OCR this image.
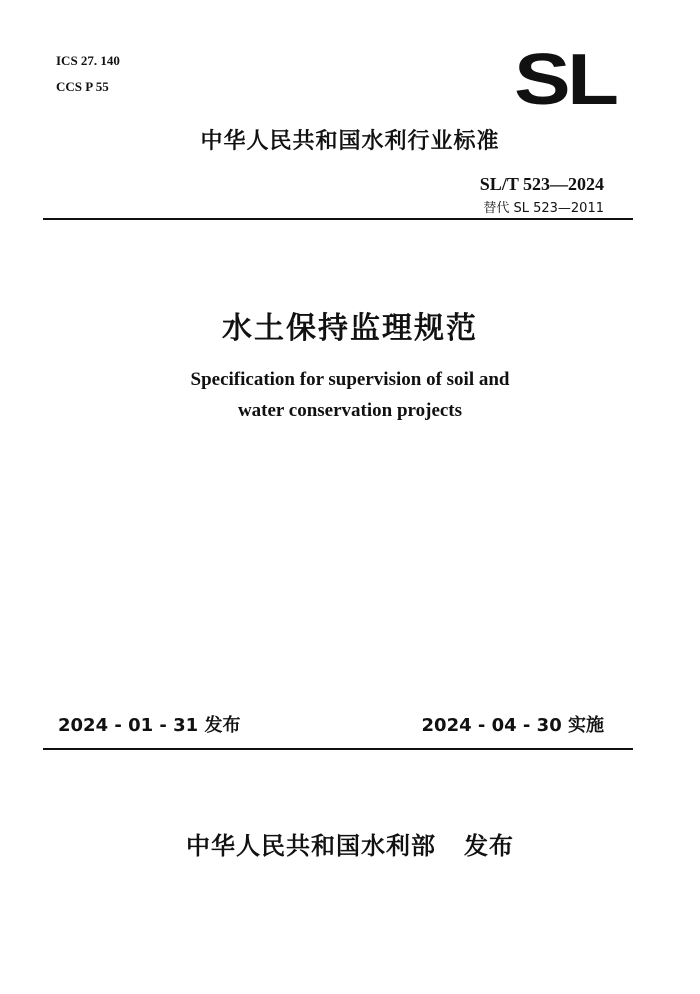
ICS 27. 140
CCS P 55	SL
中华人民共和国水利行业标准
SL/T 523—2024
替代 SL 523—2011
水土保持监理规范
Specification for supervision of soil and
water conservation projects
2024 - 01 - 31 发布	2024 - 04 - 30 实施
中华人民共和国水利部   发布
